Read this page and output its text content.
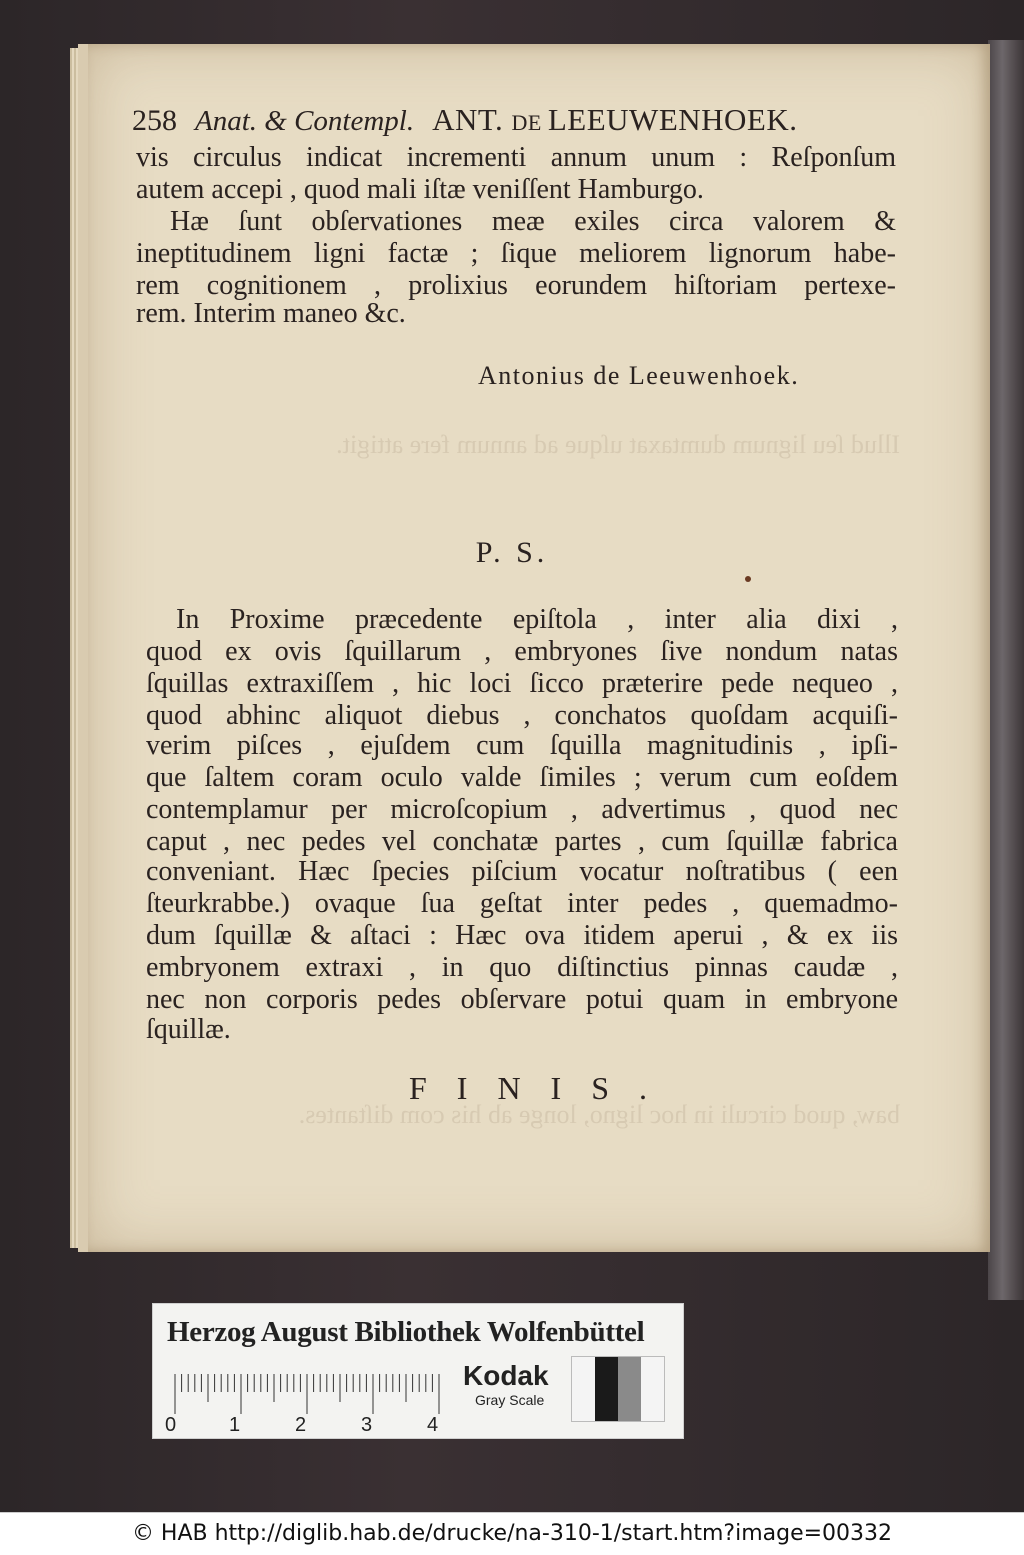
Illud ſeu lignum dumtaxat uſque ad annum fere attigit.
baw, quod circuli in hoc ligno, longe ab his com diſtantes.
258 Anat. & Contempl. ANT. DE LEEUWENHOEK.
vis circulus indicat incrementi annum unum : Reſponſum
autem accepi , quod mali iſtæ veniſſent Hamburgo.
Hæ ſunt obſervationes meæ exiles circa valorem &
ineptitudinem ligni factæ ; ſique meliorem lignorum habe-
rem cognitionem , prolixius eorundem hiſtoriam pertexe-
rem. Interim maneo &c.
Antonius de Leeuwenhoek.
P. S.
In Proxime præcedente epiſtola , inter alia dixi ,
quod ex ovis ſquillarum , embryones ſive nondum natas
ſquillas extraxiſſem , hic loci ſicco præterire pede nequeo ,
quod abhinc aliquot diebus , conchatos quoſdam acquiſi-
verim piſces , ejuſdem cum ſquilla magnitudinis , ipſi-
que ſaltem coram oculo valde ſimiles ; verum cum eoſdem
contemplamur per microſcopium , advertimus , quod nec
caput , nec pedes vel conchatæ partes , cum ſquillæ fabrica
conveniant. Hæc ſpecies piſcium vocatur noſtratibus ( een
ſteurkrabbe.) ovaque ſua geſtat inter pedes , quemadmo-
dum ſquillæ & aſtaci : Hæc ova itidem aperui , & ex iis
embryonem extraxi , in quo diſtinctius pinnas caudæ ,
nec non corporis pedes obſervare potui quam in embryone
ſquillæ.
FINIS.
Herzog August Bibliothek Wolfenbüttel
0	1	2	3	4
Kodak
Gray Scale
© HAB http://diglib.hab.de/drucke/na-310-1/start.htm?image=00332
